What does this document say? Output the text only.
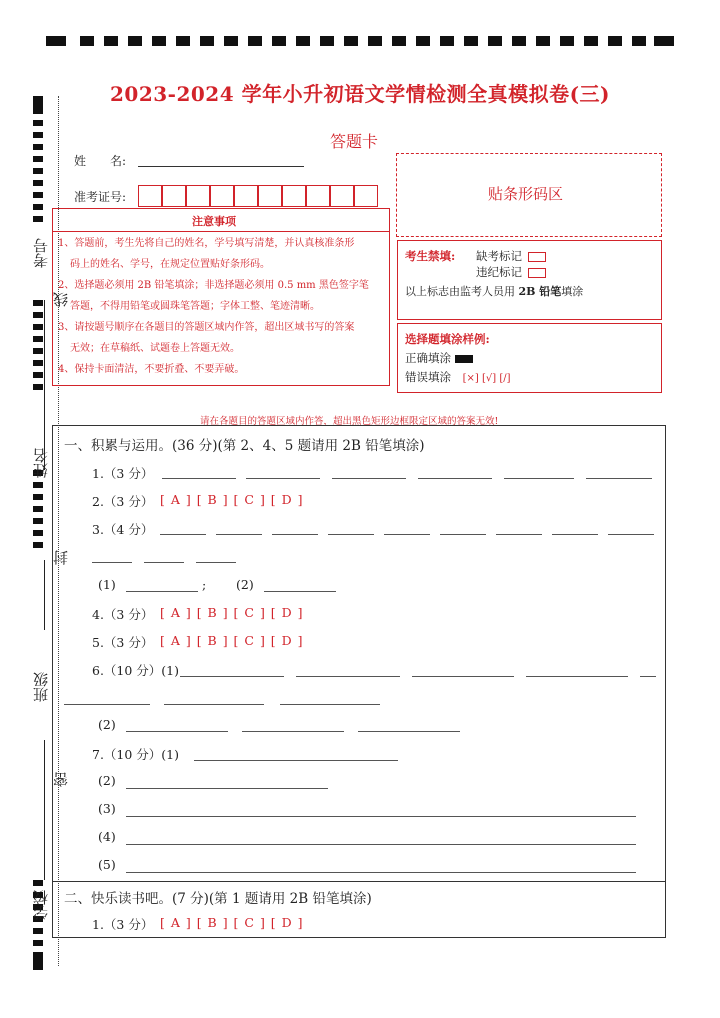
考号
线
姓名
封
班级
密
学校
2023-2024 学年小升初语文学情检测全真模拟卷(三)
答题卡
姓　　名:
准考证号:	贴条形码区
注意事项
1、答题前，考生先将自己的姓名，学号填写清楚，并认真核准条形
码上的姓名、学号，在规定位置贴好条形码。
2、选择题必须用 2B 铅笔填涂；非选择题必须用 0.5 mm 黑色签字笔
答题，不得用铅笔或圆珠笔答题；字体工整、笔迹清晰。
3、请按题号顺序在各题目的答题区域内作答，超出区域书写的答案
无效；在草稿纸、试题卷上答题无效。
4、保持卡面清洁，不要折叠、不要弄破。
考生禁填: 缺考标记
违纪标记
以上标志由监考人员用 2B 铅笔填涂
选择题填涂样例:
正确填涂
错误填涂 [×] [√] [/]
请在各题目的答题区域内作答，超出黑色矩形边框限定区域的答案无效!
一、积累与运用。(36 分)(第 2、4、5 题请用 2B 铅笔填涂)
1.（3 分）
2.（3 分） [ A ] [ B ] [ C ] [ D ]
3.（4 分）
(1)	; (2)
4.（3 分） [ A ] [ B ] [ C ] [ D ]
5.（3 分） [ A ] [ B ] [ C ] [ D ]
6.（10 分）(1)
(2)
7.（10 分）(1)
(2)
(3)
(4)
(5)
二、快乐读书吧。(7 分)(第 1 题请用 2B 铅笔填涂)
1.（3 分） [ A ] [ B ] [ C ] [ D ]
